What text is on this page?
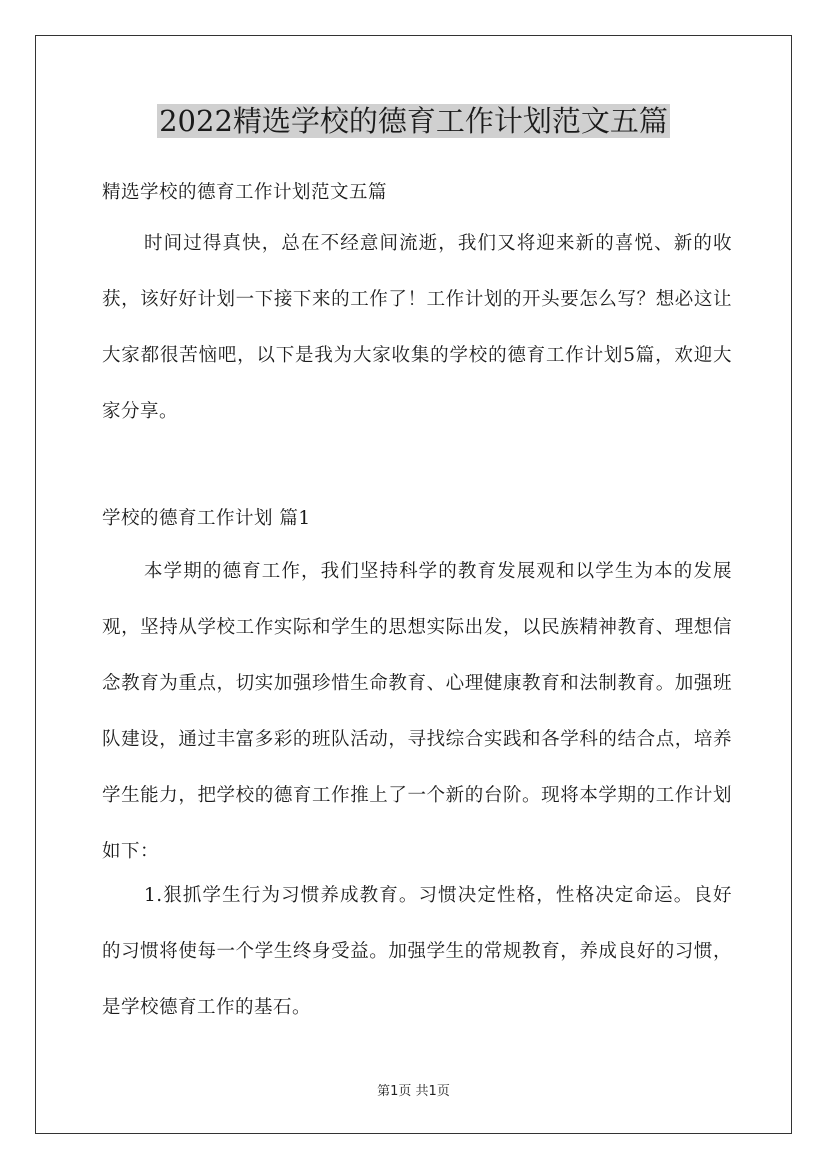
2022精选学校的德育工作计划范文五篇

精选学校的德育工作计划范文五篇

时间过得真快，总在不经意间流逝，我们又将迎来新的喜悦、新的收获，该好好计划一下接下来的工作了！工作计划的开头要怎么写？想必这让大家都很苦恼吧，以下是我为大家收集的学校的德育工作计划5篇，欢迎大家分享。

学校的德育工作计划 篇1

本学期的德育工作，我们坚持科学的教育发展观和以学生为本的发展观，坚持从学校工作实际和学生的思想实际出发，以民族精神教育、理想信念教育为重点，切实加强珍惜生命教育、心理健康教育和法制教育。加强班队建设，通过丰富多彩的班队活动，寻找综合实践和各学科的结合点，培养学生能力，把学校的德育工作推上了一个新的台阶。现将本学期的工作计划如下：

1.狠抓学生行为习惯养成教育。习惯决定性格，性格决定命运。良好的习惯将使每一个学生终身受益。加强学生的常规教育，养成良好的习惯，是学校德育工作的基石。

第1页 共1页
